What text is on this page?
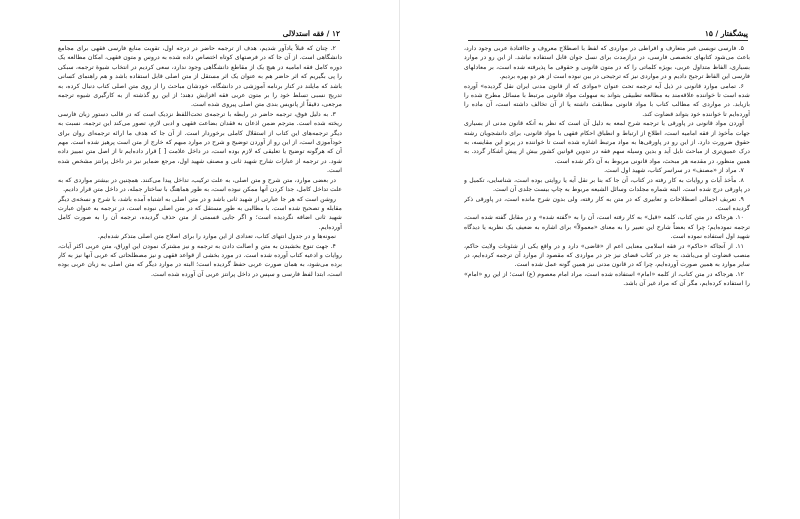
۱۲ / فقه استدلالی

۲. چنان که قبلاً یادآور شدیم، هدف از ترجمه حاضر در درجه اول، تقویت منابع فارسی فقهی برای مجامع دانشگاهی است. از آن جا که در فرصتهای کوتاه اختصاص داده شده به دروس و متون فقهی، امکان مطالعه یک دوره کامل فقه امامیه در هیچ یک از مقاطع دانشگاهی وجود ندارد، سعی کردیم در انتخاب شیوهٔ ترجمه، سبکی را پی بگیریم که اثر حاضر هم به عنوان یک اثر مستقل از متن اصلی قابل استفاده باشد و هم راهنمای کسانی باشد که مایلند در کنار برنامه آموزشی در دانشگاه، خودشان مباحث را از روی متن اصلی کتاب دنبال کرده، به تدریج نسبی تسلط خود را بر متون عربی فقه افزایش دهند؛ از این رو گذشته از به کارگیری شیوه ترجمه مرجعی، دقیقاً از پانویس بندی متن اصلی پیروی شده است.

۳. به دلیل فوق، ترجمه حاضر در رابطه با ترجمه‌ی تحت‌اللفظ نزدیک است که در قالب دستور زبان فارسی ریخته شده است. مترجم ضمن اذعان به فقدان بضاعت فقهی و ادبی لازم، تصور می‌کند این ترجمه، نسبت به دیگر ترجمه‌های این کتاب از استقلال کاملی برخوردار است. از آن جا که هدف ما ارائه ترجمه‌ای روان برای خودآموزی است، از این رو از آوردن توضیح و شرح در موارد مبهم که خارج از متن است پرهیز شده است. مهم آن که هرگونه توضیح یا تعلیقی که لازم بوده است، در داخل علامت [ ] قرار داده‌ایم تا از اصل متن تمییز داده شود. در ترجمه از عبارات شارح شهید ثانی و مصنف شهید اول، مرجع ضمایر نیز در داخل پرانتز مشخص شده است.

در بعضی موارد، متن شرح و متن اصلی، به علت ترکیب، تداخل پیدا می‌کنند. همچنین در بیشتر مواردی که به علت تداخل کامل، جدا کردن آنها ممکن نبوده است، به طور هماهنگ با ساختار جمله، در داخل متن قرار دادیم.

روشن است که هر جا عبارتی از شهید ثانی باشد و در متن اصلی به اشتباه آمده باشد، با شرح و نسخه‌ی دیگر مقابله و تصحیح شده است. با مطالبی به طور مستقل که در متن اصلی نبوده است، در ترجمه به عنوان عبارت شهید ثانی اضافه نگردیده است؛ و اگر جایی قسمتی از متن حذف گردیده، ترجمه آن را به صورت کامل آورده‌ایم.

نمونه‌ها و در جدول انتهای کتاب، تعدادی از این موارد را برای اصلاح متن اصلی متذکر شده‌ایم.

۴. جهت تنوع بخشیدن به متن و اصالت دادن به ترجمه و نیز مشترک نمودن این اوراق، متن عربی اکثر آیات، روایات و ادعیه کتاب آورده شده است. در مورد بخشی از قواعد فقهی و نیز مصطلحاتی که عربی آنها نیز به کار برده می‌شود، به همان صورت عربی حفظ گردیده است؛ البته در موارد دیگر که متن اصلی به زبان عربی بوده است، ابتدا لفظ فارسی و سپس در داخل پرانتز عربی آن آورده شده است.

پیشگفتار / ۱۵

۵. فارسی نویسی غیر متعارف و افراطی در مواردی که لفظ با اصطلاح معروف و جاافتادهٔ عربی وجود دارد، باعث می‌شود کتابهای تخصصی فارسی، در درازمدت برای نسل جوان قابل استفاده نباشد. از این رو در موارد بسیاری، الفاظ متداول عربی، بویژه کلماتی را که در متون قانونی و حقوقی ما پذیرفته شده است، بر معادلهای فارسی این الفاظ ترجیح دادیم و در مواردی نیز که ترجیحی در بین نبوده است از هر دو بهره بردیم.

۶. تمامی موارد قانونی در ذیل آیه ترجمه تحت عنوان «موادی که از قانون مدنی ایران نقل گردیده» آورده شده است تا خواننده علاقه‌مند به مطالعه تطبیقی بتواند به سهولت مواد قانونی مرتبط با مسائل مطرح شده را بازیابد. در مواردی که مطالب کتاب با مواد قانونی مطابقت داشته یا از آن تخالف داشته است، آن ماده را آورده‌ایم تا خواننده خود بتواند قضاوت کند.

آوردن مواد قانونی در پاورقی یا ترجمه شرح لمعه به دلیل آن است که نظر به آنکه قانون مدنی از بسیاری جهات مأخوذ از فقه امامیه است، اطلاع از ارتباط و انطباق احکام فقهی با مواد قانونی، برای دانشجویان رشته حقوق ضرورت دارد. از این رو در پاورقی‌ها به مواد مرتبط اشاره شده است تا خواننده در پرتو این مقایسه، به درک عمیق‌تری از مباحث نایل آید و بدین وسیله سهم فقه در تدوین قوانین کشور بیش از پیش آشکار گردد. به همین منظور، در مقدمه هر مبحث، مواد قانونی مربوط به آن ذکر شده است.

۷. مراد از «مصنف» در سراسر کتاب، شهید اول است.

۸. مأخذ آیات و روایات به کار رفته در کتاب، آن جا که بنا بر نقل آیه یا روایتی بوده است، شناسایی، تکمیل و در پاورقی درج شده است. البته شماره مجلدات وسائل الشیعه مربوط به چاپ بیست جلدی آن است.

۹. تعریف اجمالی اصطلاحات و تعابیری که در متن به کار رفته، ولی بدون شرح مانده است، در پاورقی ذکر گردیده است.

۱۰. هرجاکه در متن کتاب، کلمه «قیل» به کار رفته است، آن را به «گفته شده» و در مقابل گفته شده است، ترجمه نموده‌ایم؛ چرا که بعضاً شارح این تعبیر را به معنای «معمولاً» برای اشاره به ضعیف یک نظریه یا دیدگاه شهید اول استفاده نموده است.

۱۱. از آنجاکه «حاکم» در فقه اسلامی معنایی اعم از «قاضی» دارد و در واقع یکی از شئونات ولایت حاکم، منصب قضاوت او می‌باشد، به جز در کتاب قضای نیز جز در مواردی که مقصود از موارد آن ترجمه کرده‌ایم، در سایر موارد به همین صورت آورده‌ایم، چرا که در قانون مدنی نیز همین گونه عمل شده است.

۱۲. هرجاکه در متن کتاب، از کلمه «امام» استفاده شده است، مراد امام معصوم (ع) است؛ از این رو «امام» را استفاده کرده‌ایم، مگر آن که مراد غیر آن باشد.
